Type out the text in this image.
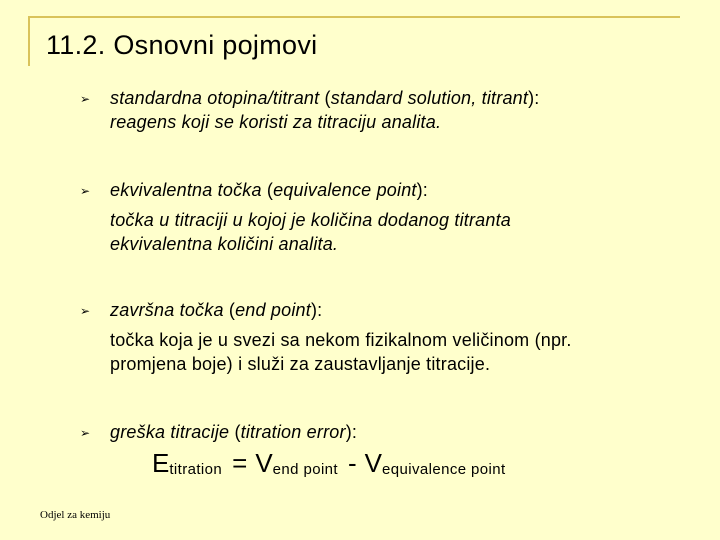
11.2. Osnovni pojmovi
➢ standardna otopina/titrant (standard solution, titrant):
reagens koji se koristi za titraciju analita.
➢ ekvivalentna točka (equivalence point):
točka u titraciji u kojoj je količina dodanog titranta
ekvivalentna količini analita.
➢ završna točka (end point):
točka koja je u svezi sa nekom fizikalnom veličinom (npr.
promjena boje) i služi za zaustavljanje titracije.
➢ greška titracije (titration error):
Etitration = Vend point - Vequivalence point
Odjel za kemiju
